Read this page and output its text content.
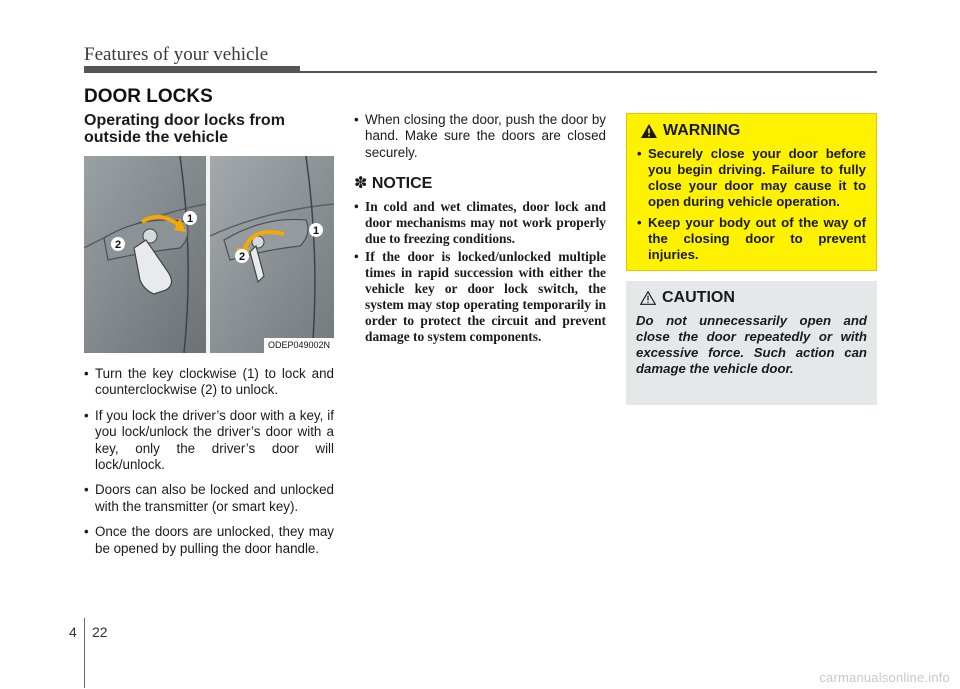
Features of your vehicle
DOOR LOCKS
Operating door locks from outside the vehicle
1
2
1
2
ODEP049002N
• Turn the key clockwise (1) to lock and counterclockwise (2) to unlock.
• If you lock the driver’s door with a key, if you lock/unlock the driver’s door with a key, only the driver’s door will lock/unlock.
• Doors can also be locked and unlocked with the transmitter (or smart key).
• Once the doors are unlocked, they may be opened by pulling the door handle.
• When closing the door, push the door by hand. Make sure the doors are closed securely.
✽ NOTICE
• In cold and wet climates, door lock and door mechanisms may not work properly due to freezing conditions.
• If the door is locked/unlocked multiple times in rapid succession with either the vehicle key or door lock switch, the system may stop operating temporarily in order to protect the circuit and prevent damage to system components.
WARNING
• Securely close your door before you begin driving. Failure to fully close your door may cause it to open during vehicle operation.
• Keep your body out of the way of the closing door to prevent injuries.
CAUTION
Do not unnecessarily open and close the door repeatedly or with excessive force. Such action can damage the vehicle door.
4 22
carmanualsonline.info
